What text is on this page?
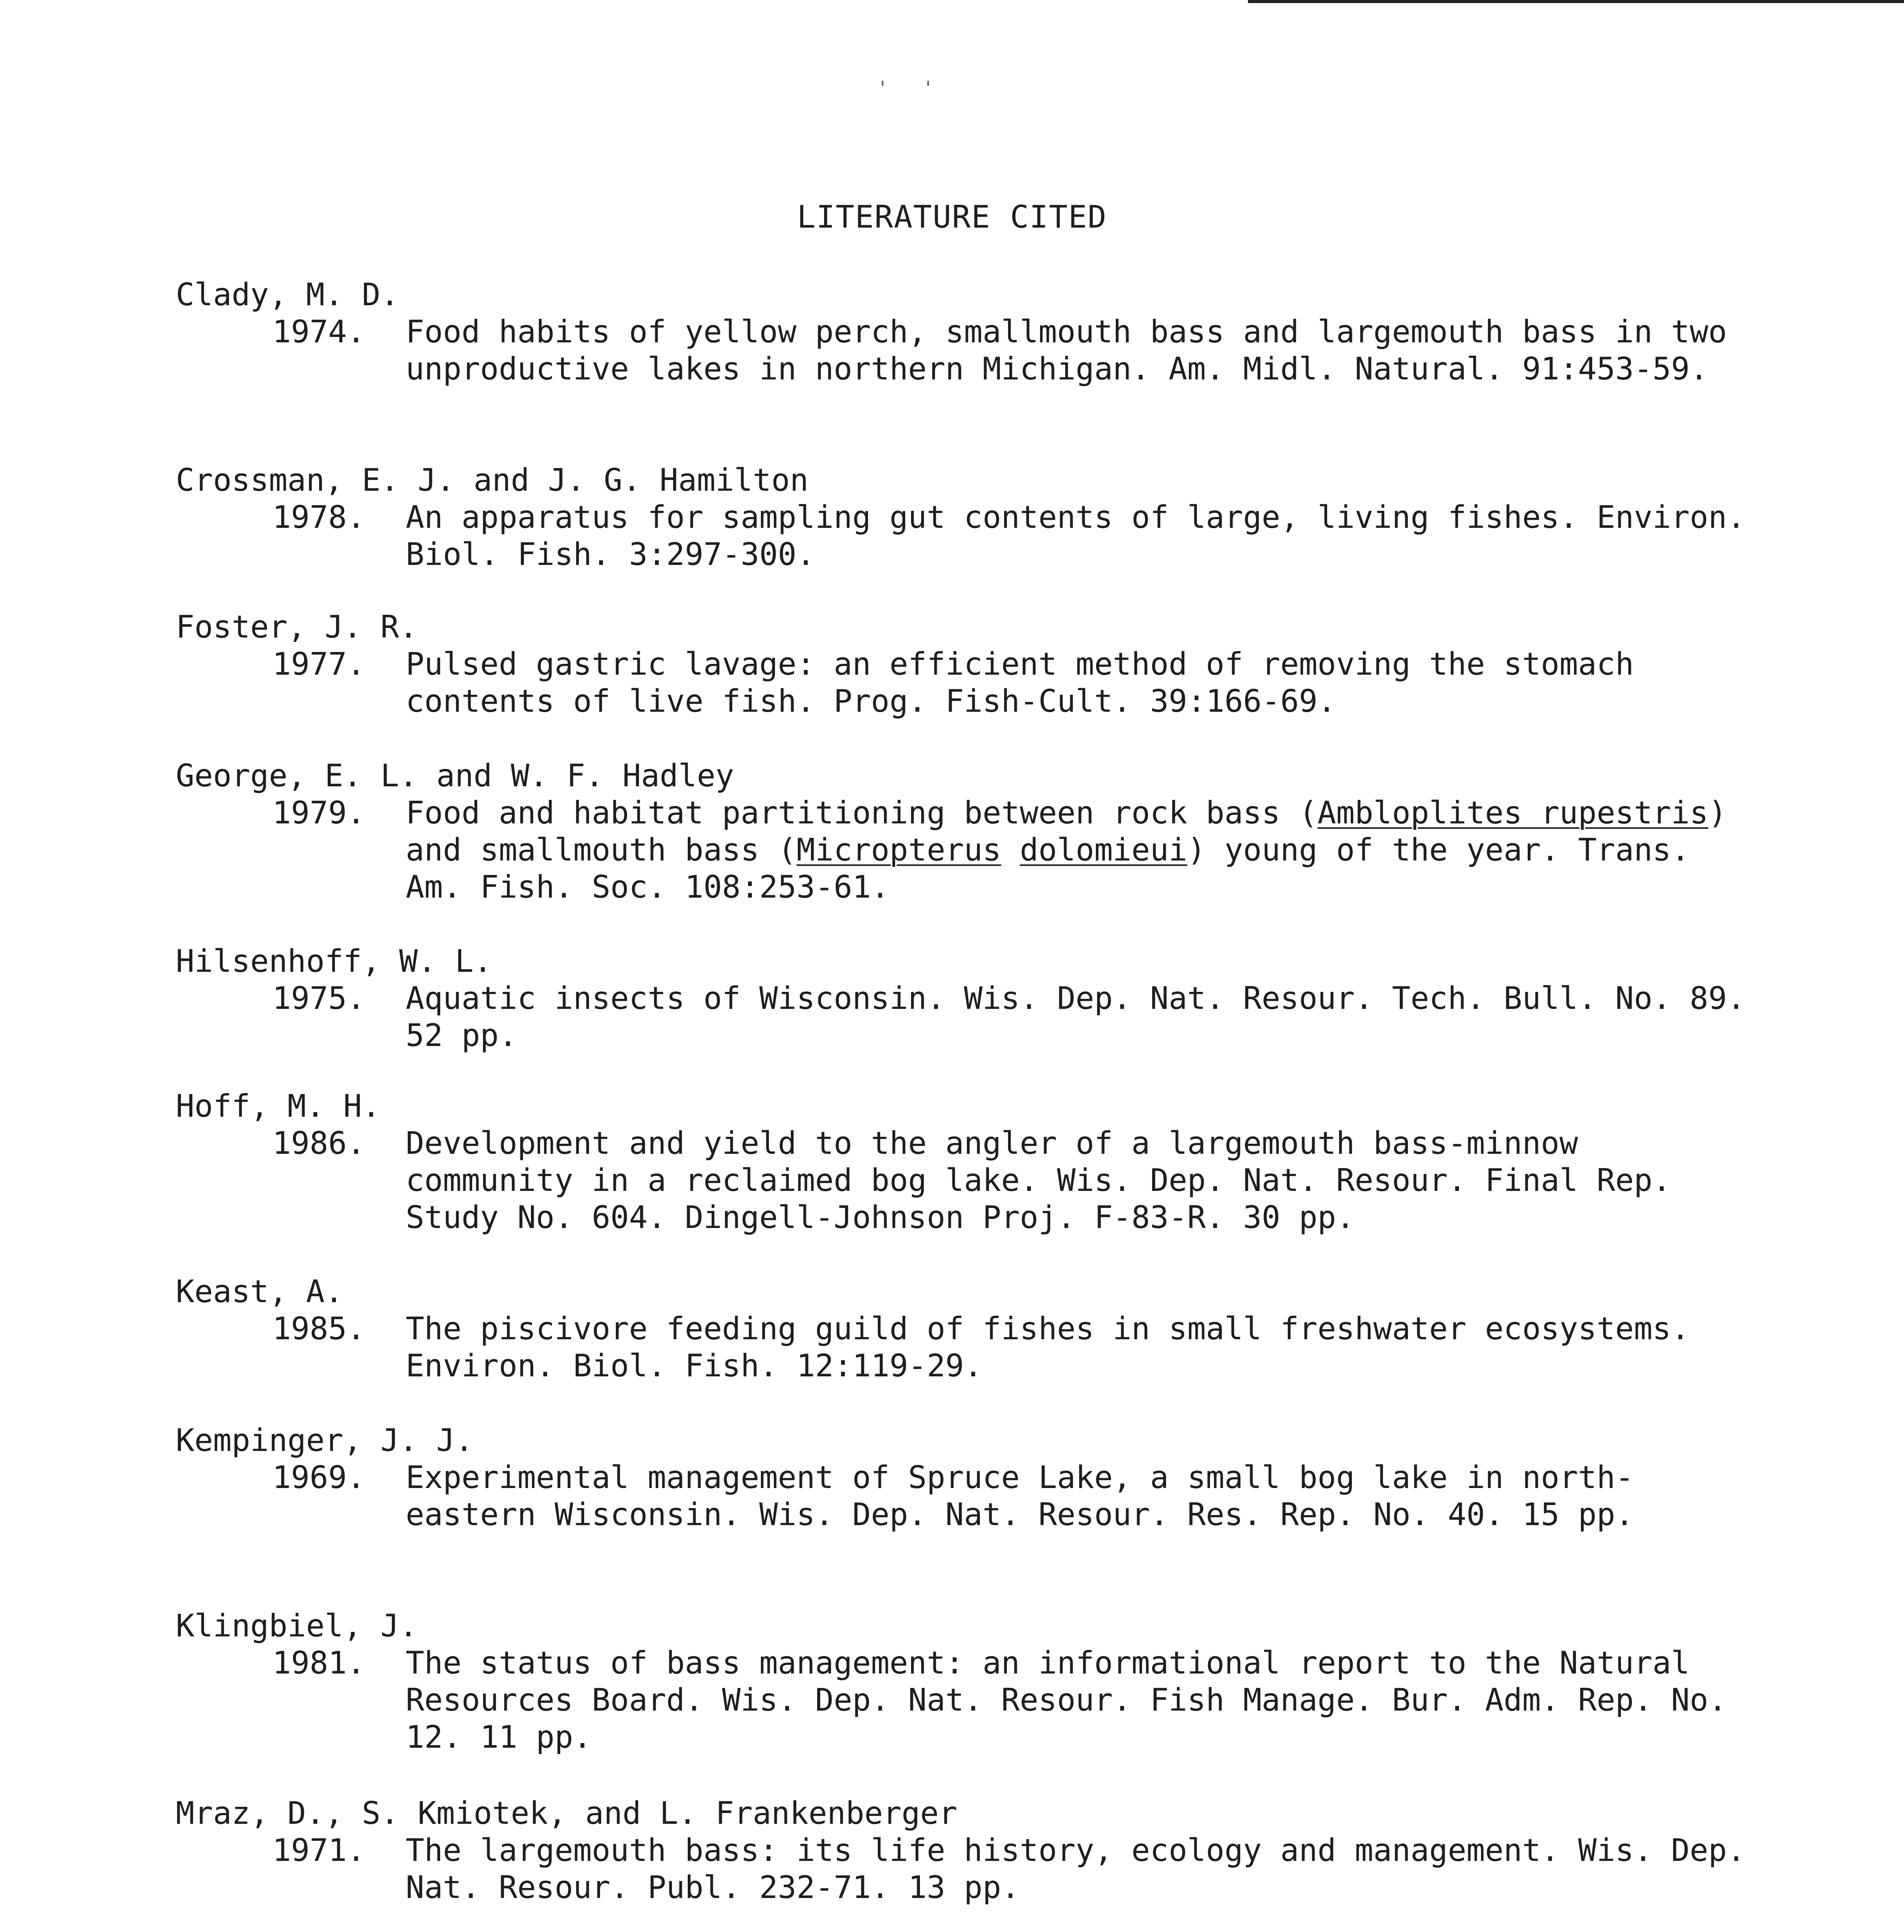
' '
LITERATURE CITED
Clady, M. D.
1974.	Food habits of yellow perch, smallmouth bass and largemouth bass in two unproductive lakes in northern Michigan. Am. Midl. Natural. 91:453-59.
Crossman, E. J. and J. G. Hamilton
1978.	An apparatus for sampling gut contents of large, living fishes. Environ. Biol. Fish. 3:297-300.
Foster, J. R.
1977.	Pulsed gastric lavage: an efficient method of removing the stomach contents of live fish. Prog. Fish-Cult. 39:166-69.
George, E. L. and W. F. Hadley
1979.	Food and habitat partitioning between rock bass (Ambloplites rupestris) and smallmouth bass (Micropterus dolomieui) young of the year. Trans. Am. Fish. Soc. 108:253-61.
Hilsenhoff, W. L.
1975.	Aquatic insects of Wisconsin. Wis. Dep. Nat. Resour. Tech. Bull. No. 89. 52 pp.
Hoff, M. H.
1986.	Development and yield to the angler of a largemouth bass-minnow community in a reclaimed bog lake. Wis. Dep. Nat. Resour. Final Rep. Study No. 604. Dingell-Johnson Proj. F-83-R. 30 pp.
Keast, A.
1985.	The piscivore feeding guild of fishes in small freshwater ecosystems. Environ. Biol. Fish. 12:119-29.
Kempinger, J. J.
1969.	Experimental management of Spruce Lake, a small bog lake in north-eastern Wisconsin. Wis. Dep. Nat. Resour. Res. Rep. No. 40. 15 pp.
Klingbiel, J.
1981.	The status of bass management: an informational report to the Natural Resources Board. Wis. Dep. Nat. Resour. Fish Manage. Bur. Adm. Rep. No. 12. 11 pp.
Mraz, D., S. Kmiotek, and L. Frankenberger
1971.	The largemouth bass: its life history, ecology and management. Wis. Dep. Nat. Resour. Publ. 232-71. 13 pp.
